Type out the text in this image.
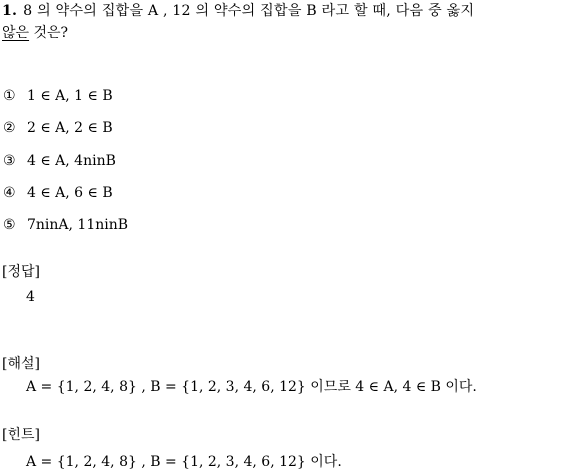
1. 8 의 약수의 집합을 A , 12 의 약수의 집합을 B 라고 할 때, 다음 중 옳지
않은 것은?
① 1 ∈ A, 1 ∈ B
② 2 ∈ A, 2 ∈ B
③ 4 ∈ A, 4ninB
④ 4 ∈ A, 6 ∈ B
⑤ 7ninA, 11ninB
[정답]
4
[해설]
A = {1, 2, 4, 8} , B = {1, 2, 3, 4, 6, 12} 이므로 4 ∈ A, 4 ∈ B 이다.
[힌트]
A = {1, 2, 4, 8} , B = {1, 2, 3, 4, 6, 12} 이다.
